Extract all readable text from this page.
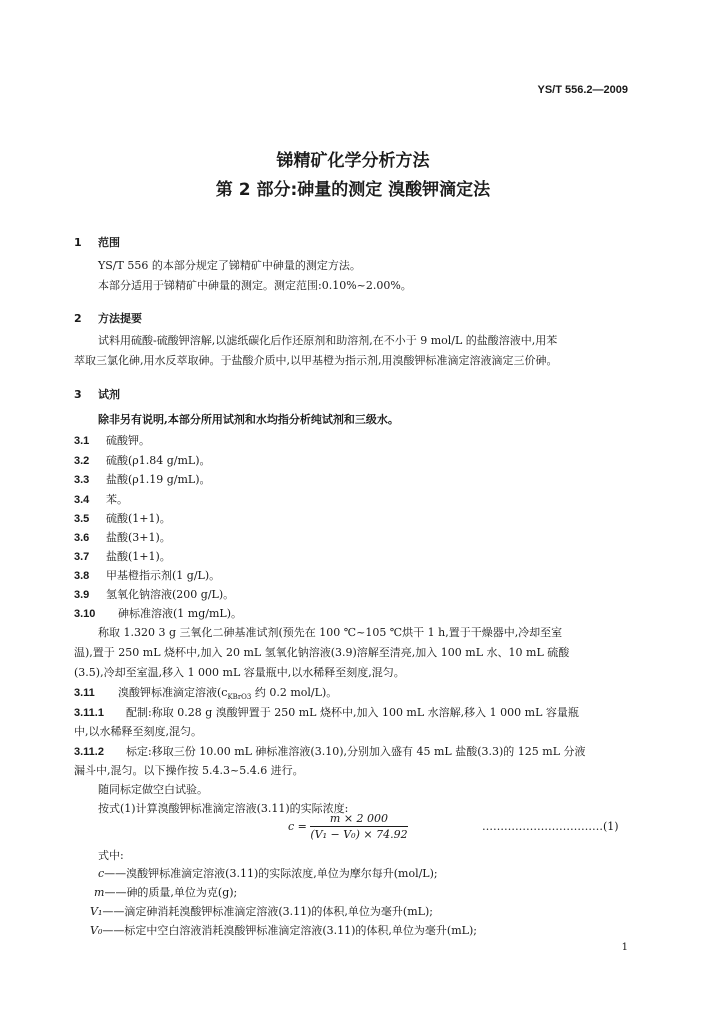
YS/T 556.2—2009
锑精矿化学分析方法
第 2 部分:砷量的测定 溴酸钾滴定法
1 范围
YS/T 556 的本部分规定了锑精矿中砷量的测定方法。
本部分适用于锑精矿中砷量的测定。测定范围:0.10%~2.00%。
2 方法提要
试料用硫酸-硫酸钾溶解,以滤纸碳化后作还原剂和助溶剂,在不小于 9 mol/L 的盐酸溶液中,用苯
萃取三氯化砷,用水反萃取砷。于盐酸介质中,以甲基橙为指示剂,用溴酸钾标准滴定溶液滴定三价砷。
3 试剂
除非另有说明,本部分所用试剂和水均指分析纯试剂和三级水。
3.1 硫酸钾。
3.2 硫酸(ρ1.84 g/mL)。
3.3 盐酸(ρ1.19 g/mL)。
3.4 苯。
3.5 硫酸(1+1)。
3.6 盐酸(3+1)。
3.7 盐酸(1+1)。
3.8 甲基橙指示剂(1 g/L)。
3.9 氢氧化钠溶液(200 g/L)。
3.10 砷标准溶液(1 mg/mL)。
称取 1.320 3 g 三氧化二砷基准试剂(预先在 100 ℃~105 ℃烘干 1 h,置于干燥器中,冷却至室
温),置于 250 mL 烧杯中,加入 20 mL 氢氧化钠溶液(3.9)溶解至清亮,加入 100 mL 水、10 mL 硫酸
(3.5),冷却至室温,移入 1 000 mL 容量瓶中,以水稀释至刻度,混匀。
3.11 溴酸钾标准滴定溶液($c_{KBrO3}$ 约 0.2 mol/L)。
3.11.1 配制:称取 0.28 g 溴酸钾置于 250 mL 烧杯中,加入 100 mL 水溶解,移入 1 000 mL 容量瓶
中,以水稀释至刻度,混匀。
3.11.2 标定:移取三份 10.00 mL 砷标准溶液(3.10),分别加入盛有 45 mL 盐酸(3.3)的 125 mL 分液
漏斗中,混匀。以下操作按 5.4.3~5.4.6 进行。
随同标定做空白试验。
按式(1)计算溴酸钾标准滴定溶液(3.11)的实际浓度:
$c = \frac{m \times 2 000}{\text{(V₁ − V₀) × 74.92}}$	……………………………(1)
式中:
c——溴酸钾标准滴定溶液(3.11)的实际浓度,单位为摩尔每升(mol/L);
m——砷的质量,单位为克(g);
V₁——滴定砷消耗溴酸钾标准滴定溶液(3.11)的体积,单位为毫升(mL);
V₀——标定中空白溶液消耗溴酸钾标准滴定溶液(3.11)的体积,单位为毫升(mL);
1
